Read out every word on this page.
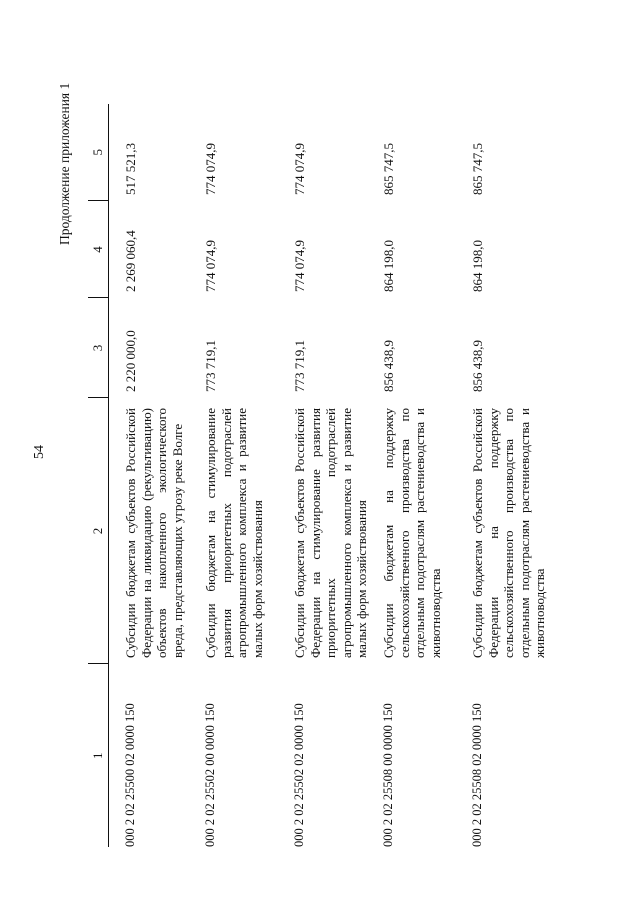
54
Продолжение приложения 1
1	2	3	4	5
000 2 02 25500 02 0000 150	Субсидии бюджетам субъектов Российской Федерации на ликвидацию (рекультивацию) объектов накопленного экологического вреда, представляющих угрозу реке Волге	2 220 000,0	2 269 060,4	517 521,3
000 2 02 25502 00 0000 150	Субсидии бюджетам на стимулирование развития приоритетных подотраслей агропромышленного комплекса и развитие малых форм хозяйствования	773 719,1	774 074,9	774 074,9
000 2 02 25502 02 0000 150	Субсидии бюджетам субъектов Российской Федерации на стимулирование развития приоритетных подотраслей агропромышленного комплекса и развитие малых форм хозяйствования	773 719,1	774 074,9	774 074,9
000 2 02 25508 00 0000 150	Субсидии бюджетам на поддержку сельскохозяйственного производства по отдельным подотраслям растениеводства и животноводства	856 438,9	864 198,0	865 747,5
000 2 02 25508 02 0000 150	Субсидии бюджетам субъектов Российской Федерации на поддержку сельскохозяйственного производства по отдельным подотраслям растениеводства и животноводства	856 438,9	864 198,0	865 747,5
